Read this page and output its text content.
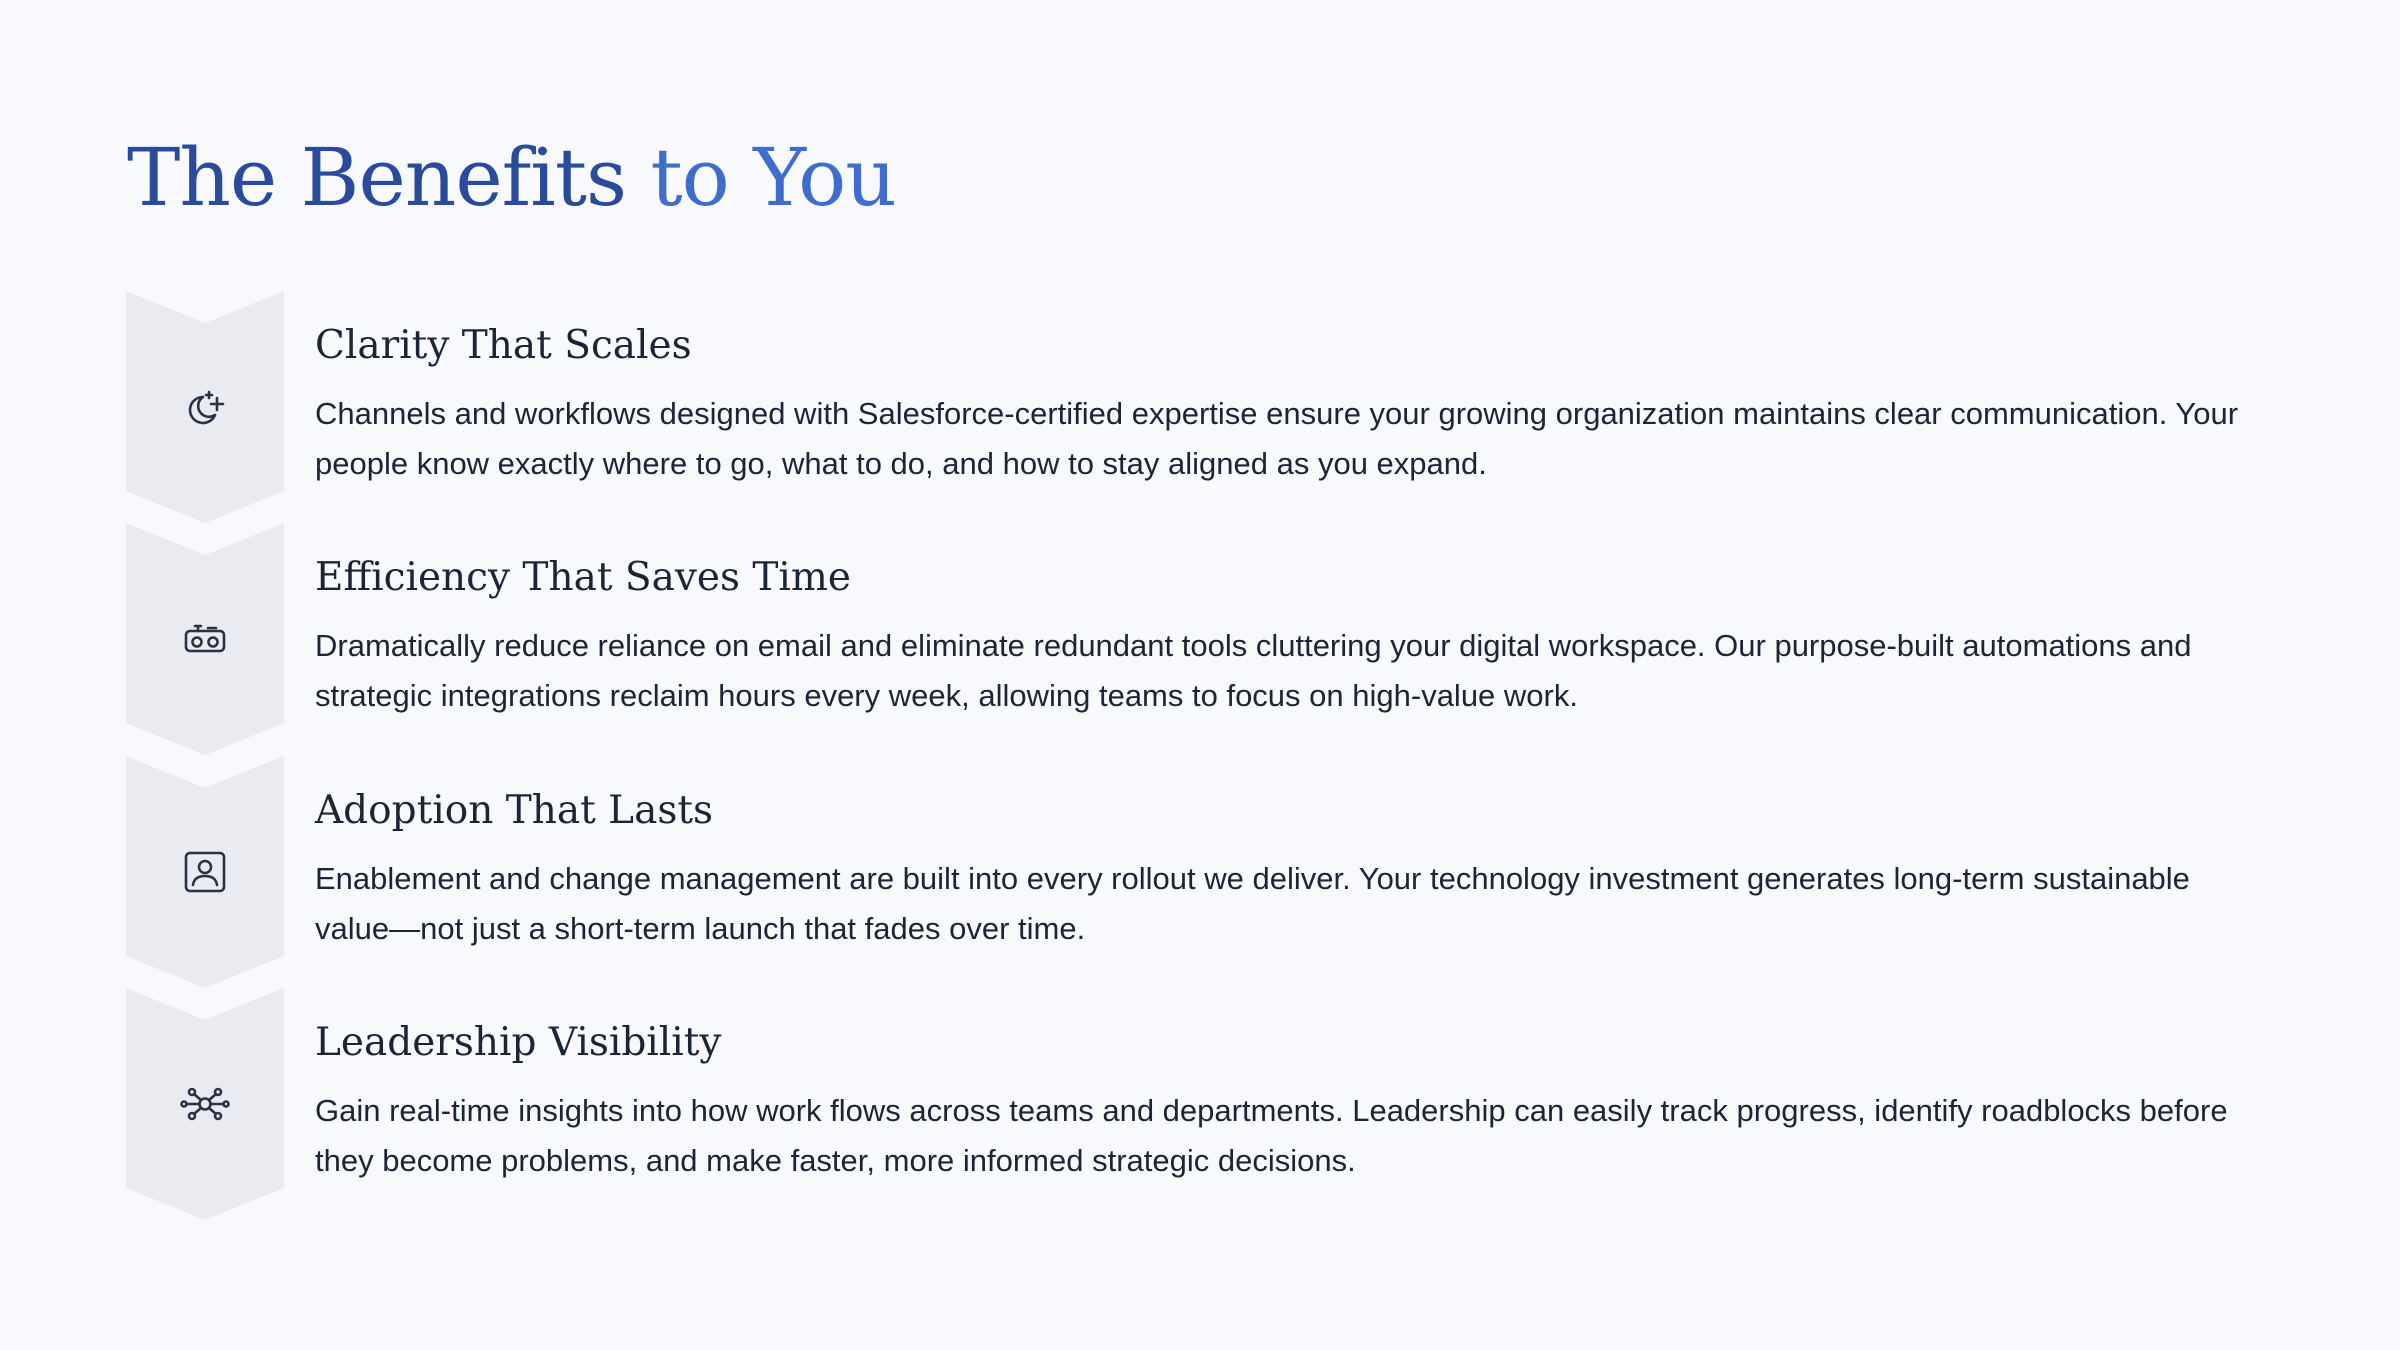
The Benefits to You
Clarity That Scales

Channels and workflows designed with Salesforce-certified expertise ensure your growing organization maintains clear communication. Your people know exactly where to go, what to do, and how to stay aligned as you expand.

Efficiency That Saves Time

Dramatically reduce reliance on email and eliminate redundant tools cluttering your digital workspace. Our purpose-built automations and strategic integrations reclaim hours every week, allowing teams to focus on high-value work.

Adoption That Lasts

Enablement and change management are built into every rollout we deliver. Your technology investment generates long-term sustainable value—not just a short-term launch that fades over time.

Leadership Visibility

Gain real-time insights into how work flows across teams and departments. Leadership can easily track progress, identify roadblocks before they become problems, and make faster, more informed strategic decisions.
